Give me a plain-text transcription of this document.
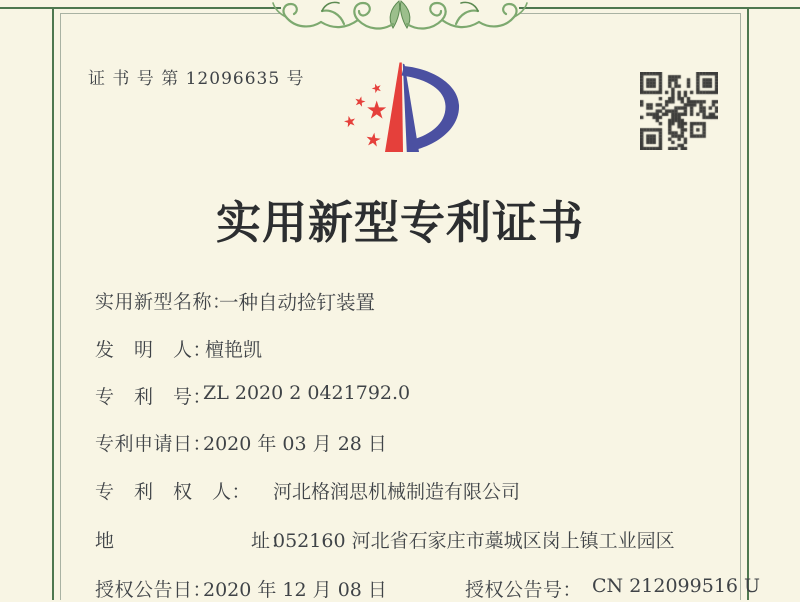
证 书 号 第 12096635 号
实用新型专利证书
实用新型名称：
一种自动捡钉装置
发　明　人：
檀艳凯
专　利　号：
ZL 2020 2 0421792.0
专利申请日：
2020 年 03 月 28 日
专　利　权　人： 河北格润思机械制造有限公司
地　　　　　　　址：
052160 河北省石家庄市藁城区岗上镇工业园区
授权公告日：
2020 年 12 月 08 日	授权公告号： CN 212099516 U
